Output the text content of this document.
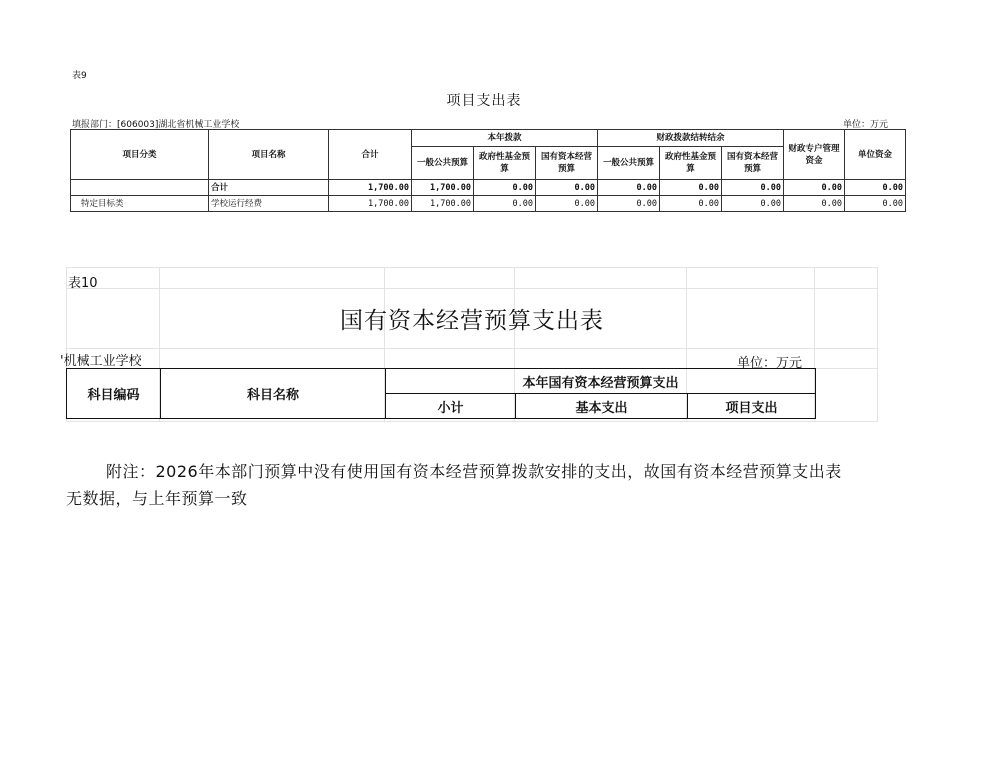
表9
项目支出表
填报部门：[606003]湖北省机械工业学校	单位：万元
项目分类	项目名称	合计	本年拨款			财政拨款结转结余			财政专户管理资金	单位资金
			一般公共预算	政府性基金预算	国有资本经营预算	一般公共预算	政府性基金预算	国有资本经营预算		
	合计	1,700.00	1,700.00	0.00	0.00	0.00	0.00	0.00	0.00	0.00
特定目标类	学校运行经费	1,700.00	1,700.00	0.00	0.00	0.00	0.00	0.00	0.00	0.00
表10
国有资本经营预算支出表
'机械工业学校	单位：万元
科目编码	科目名称	本年国有资本经营预算支出		
		小计	基本支出	项目支出
附注：2026年本部门预算中没有使用国有资本经营预算拨款安排的支出，故国有资本经营预算支出表无数据，与上年预算一致
